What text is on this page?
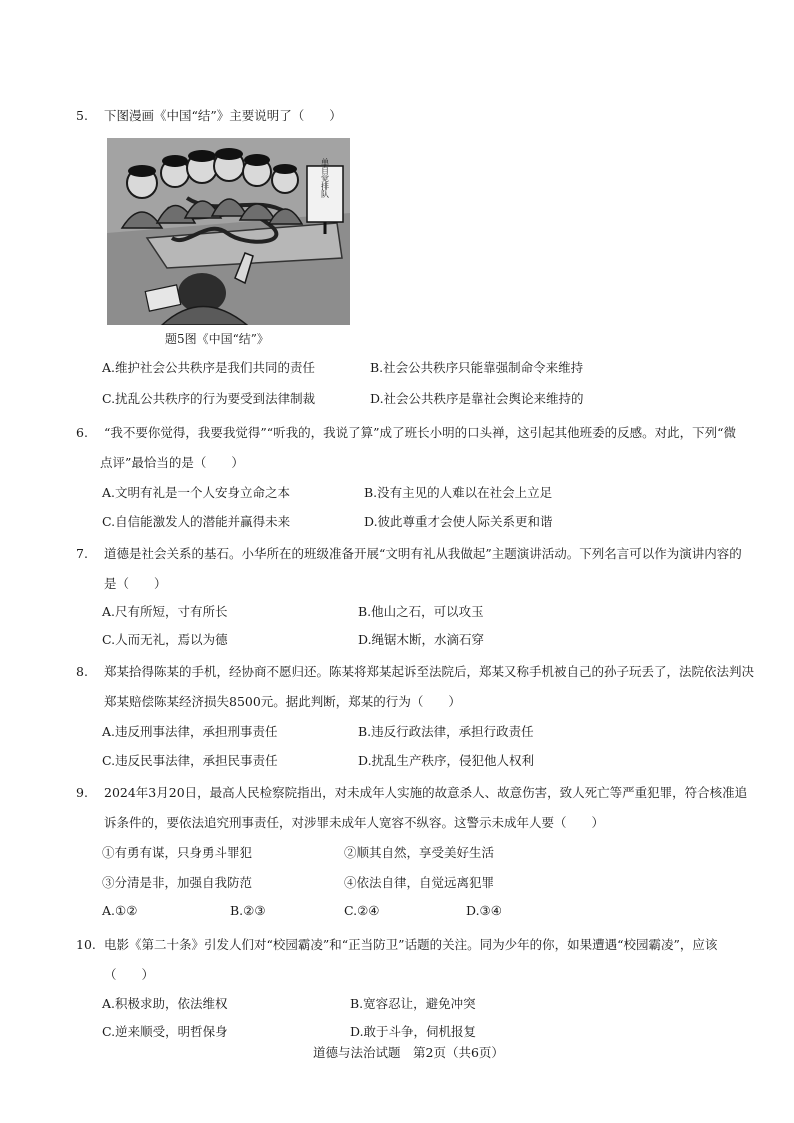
5.	下图漫画《中国“结”》主要说明了（　　）
单自觉排队
题5图《中国“结”》
A.维护社会公共秩序是我们共同的责任	B.社会公共秩序只能靠强制命令来维持
C.扰乱公共秩序的行为要受到法律制裁	D.社会公共秩序是靠社会舆论来维持的
6.	“我不要你觉得，我要我觉得”“听我的，我说了算”成了班长小明的口头禅，这引起其他班委的反感。对此，下列“微
点评”最恰当的是（　　）
A.文明有礼是一个人安身立命之本	B.没有主见的人难以在社会上立足
C.自信能激发人的潜能并赢得未来	D.彼此尊重才会使人际关系更和谐
7.	道德是社会关系的基石。小华所在的班级准备开展“文明有礼从我做起”主题演讲活动。下列名言可以作为演讲内容的
是（　　）
A.尺有所短，寸有所长	B.他山之石，可以攻玉
C.人而无礼，焉以为德	D.绳锯木断，水滴石穿
8.	郑某拾得陈某的手机，经协商不愿归还。陈某将郑某起诉至法院后，郑某又称手机被自己的孙子玩丢了，法院依法判决
郑某赔偿陈某经济损失8500元。据此判断，郑某的行为（　　）
A.违反刑事法律，承担刑事责任	B.违反行政法律，承担行政责任
C.违反民事法律，承担民事责任	D.扰乱生产秩序，侵犯他人权利
9.	2024年3月20日，最高人民检察院指出，对未成年人实施的故意杀人、故意伤害，致人死亡等严重犯罪，符合核准追
诉条件的，要依法追究刑事责任，对涉罪未成年人宽容不纵容。这警示未成年人要（　　）
①有勇有谋，只身勇斗罪犯	②顺其自然，享受美好生活
③分清是非，加强自我防范	④依法自律，自觉远离犯罪
A.①②	B.②③	C.②④	D.③④
10. 电影《第二十条》引发人们对“校园霸凌”和“正当防卫”话题的关注。同为少年的你，如果遭遇“校园霸凌”，应该
（　　）
A.积极求助，依法维权	B.宽容忍让，避免冲突
C.逆来顺受，明哲保身	D.敢于斗争，伺机报复
道德与法治试题　第2页（共6页）
